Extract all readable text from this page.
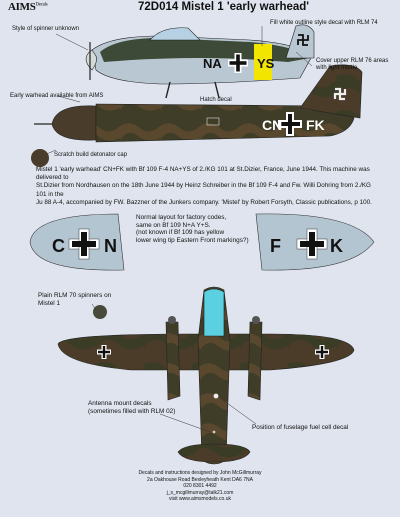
$AIMS^{Decals}$	72D014 Mistel 1 'early warhead'
NA	YS
CN FK
C N	F	K
Style of spinner unknown
Fill white outline style decal with RLM 74
Cover upper RLM 76 areas
with light mottle
Early warhead available from AIMS
Hatch decal
Scratch build detonator cap
Mistel 1 'early warhead' CN+FK with Bf 109 F-4 NA+YS of 2./KG 101 at St.Dizier, France, June 1944. This machine was delivered to
St.Dizier from Nordhausen on the 18th June 1944 by Heinz Schreiber in the Bf 109 F-4 and Fw. Willi Dohring from 2./KG 101 in the
Ju 88 A-4, accompanied by FW. Bazzner of the Junkers company. 'Mistel' by Robert Forsyth, Classic publications, p 100.
Normal layout for factory codes,
same on Bf 109 N+A Y+S.
(not known if Bf 109 has yellow
lower wing tip Eastern Front markings?)
Plain RLM 70 spinners on
Mistel 1
Antenna mount decals
(sometimes filled with RLM 02)
Position of fuselage fuel cell decal
Decals and instructions designed by John McGillmurray
2a Oakhouse Road Bexleyheath Kent DA6 7NA
020 8301 4492
j_s_mcgillmurray@talk21.com
visit www.aimsmodels.co.uk
